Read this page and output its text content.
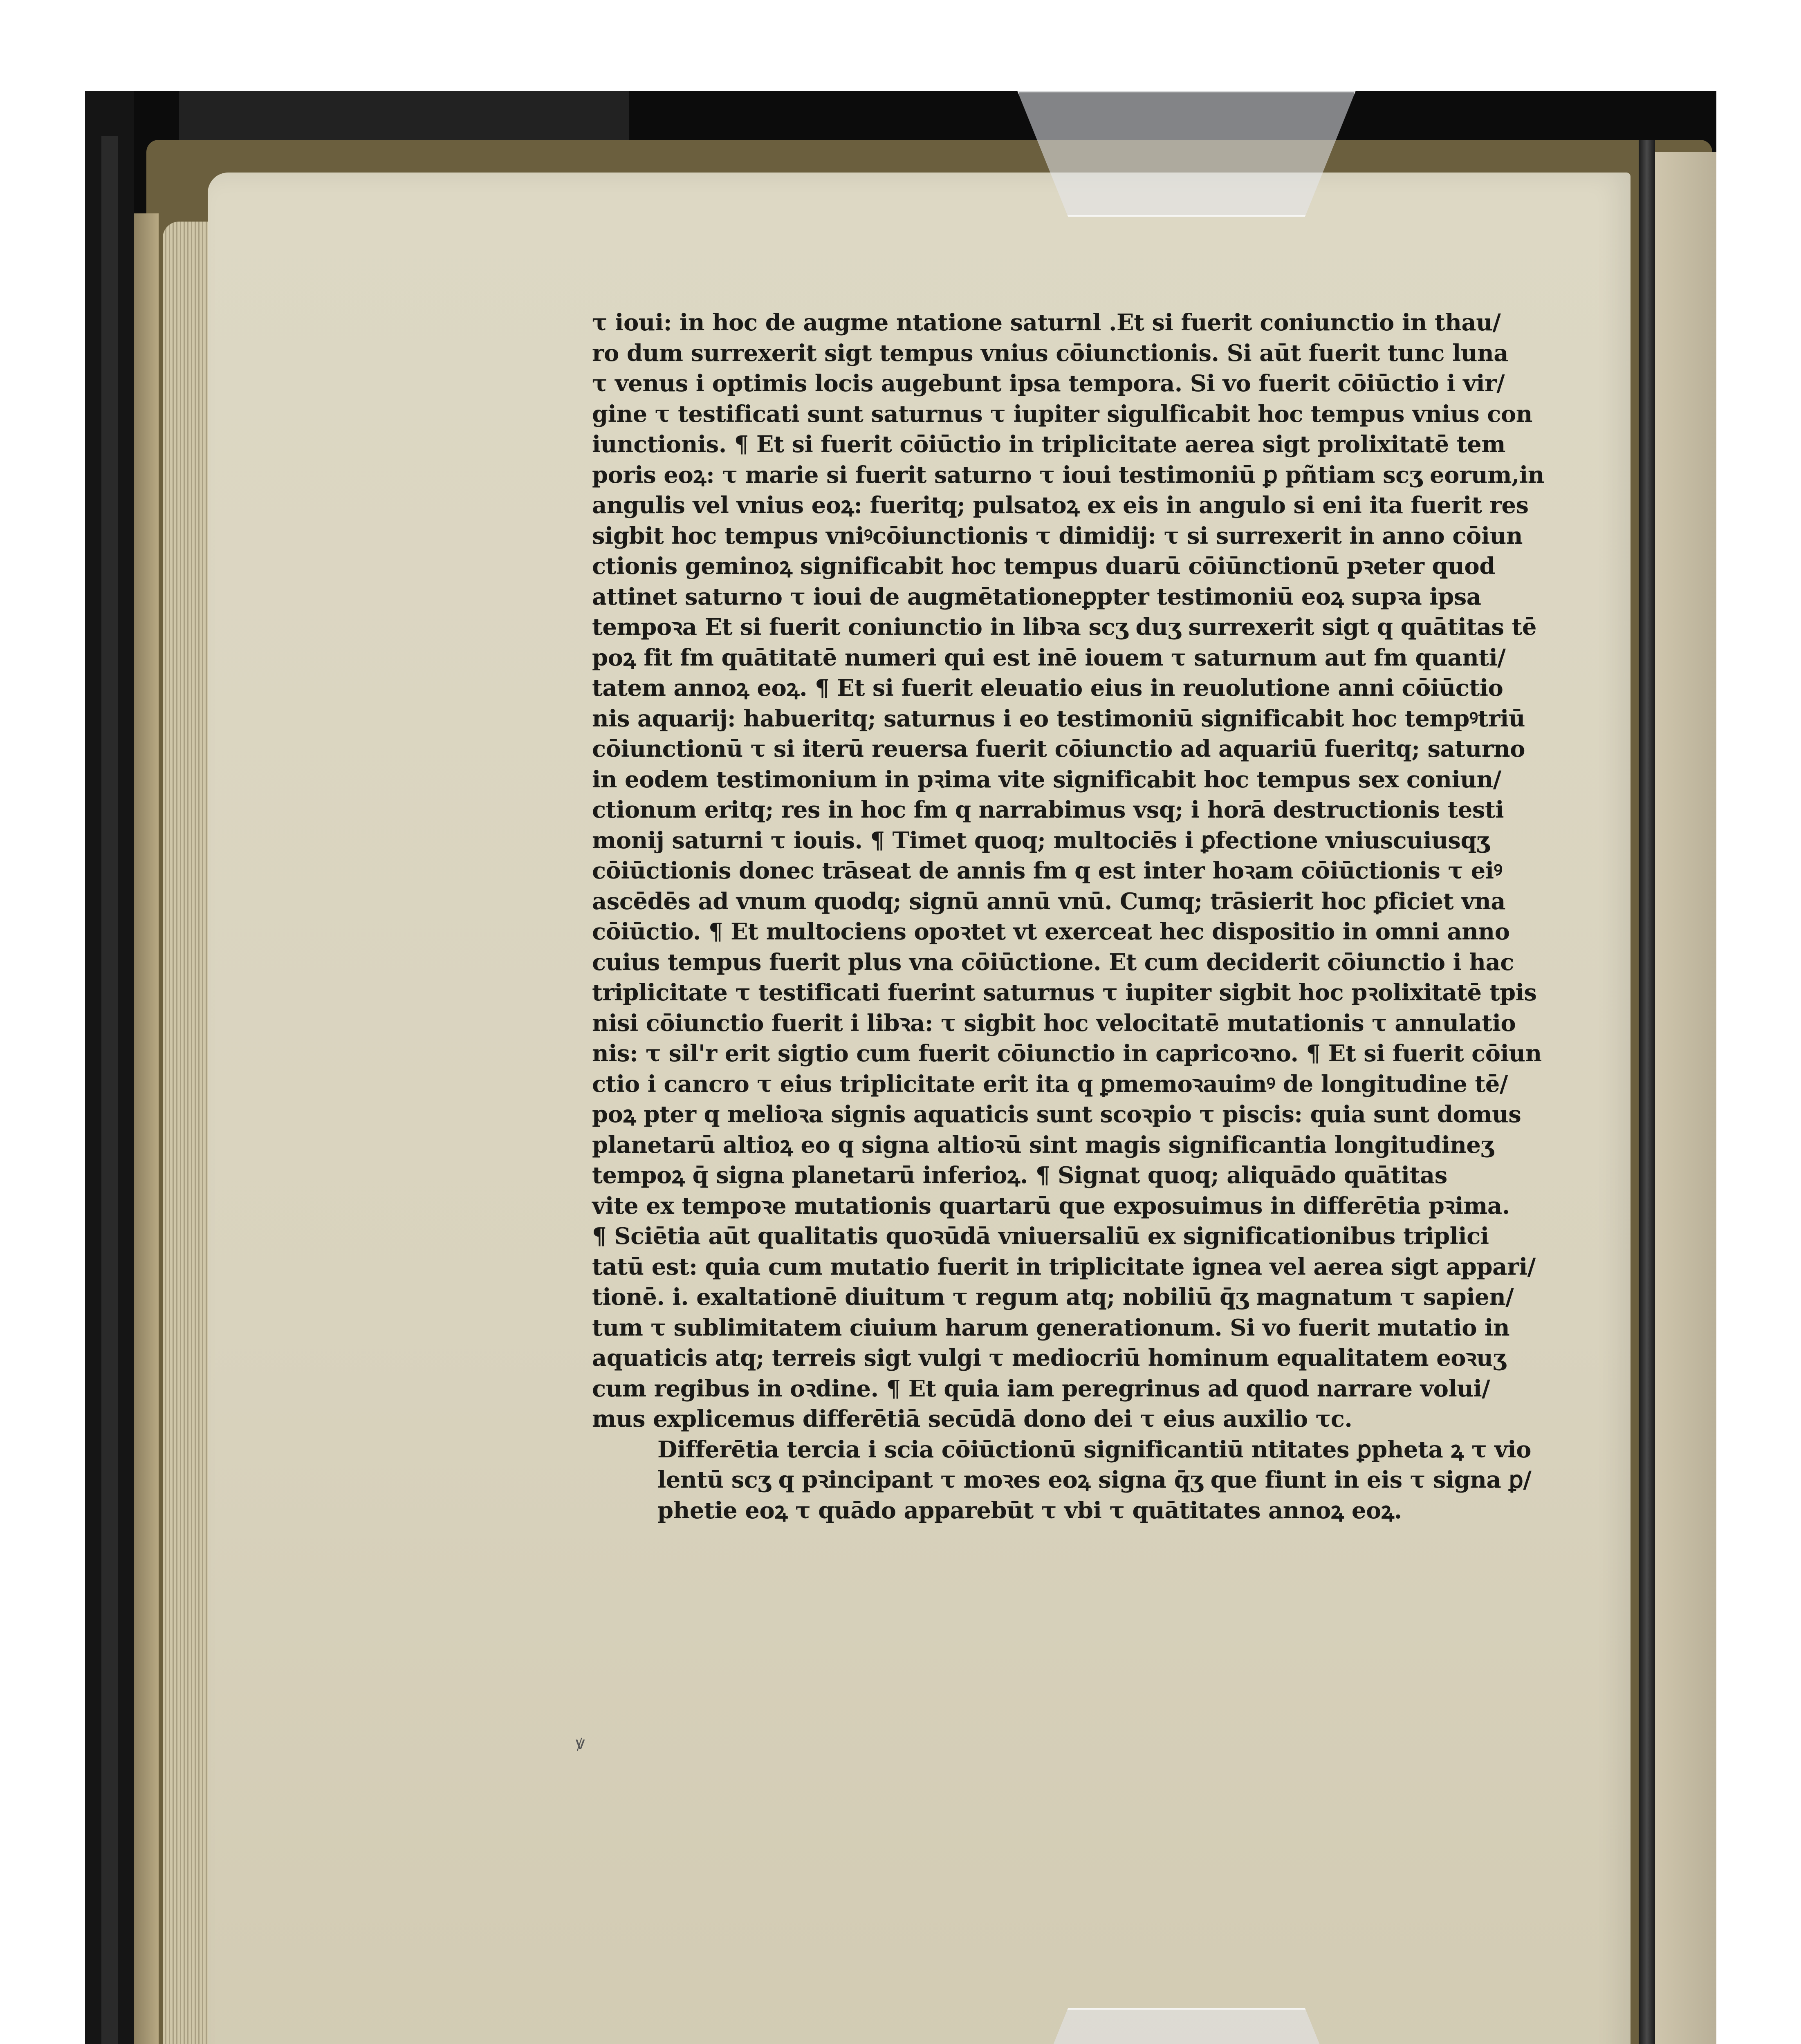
τ ioui: in hoc de augme ntatione saturnl .Et si fuerit coniunctio in thau/
ro dum surrexerit sigt tempus vnius cōiunctionis. Si aūt fuerit tunc luna
τ venus i optimis locis augebunt ipsa tempora. Si vo fuerit cōiūctio i vir/
gine τ testificati sunt saturnus τ iupiter sigulficabit hoc tempus vnius con
iunctionis. ¶ Et si fuerit cōiūctio in triplicitate aerea sigt prolixitatē tem
poris eoꝝ: τ marie si fuerit saturno τ ioui testimoniū ꝑ pñtiam scʒ eorum,in
angulis vel vnius eoꝝ: fueritq; pulsatoꝝ ex eis in angulo si eni ita fuerit res
sigbit hoc tempus vniꝰcōiunctionis τ dimidij: τ si surrexerit in anno cōiun
ctionis geminoꝝ significabit hoc tempus duarū cōiūnctionū pꝛeter quod
attinet saturno τ ioui de augmētationeꝑpter testimoniū eoꝝ supꝛa ipsa
tempoꝛa Et si fuerit coniunctio in libꝛa scʒ duʒ surrexerit sigt q quātitas tē
poꝝ fit fm quātitatē numeri qui est inē iouem τ saturnum aut fm quanti/
tatem annoꝝ eoꝝ. ¶ Et si fuerit eleuatio eius in reuolutione anni cōiūctio
nis aquarij: habueritq; saturnus i eo testimoniū significabit hoc tempꝰtriū
cōiunctionū τ si iterū reuersa fuerit cōiunctio ad aquariū fueritq; saturno
in eodem testimonium in pꝛima vite significabit hoc tempus sex coniun/
ctionum eritq; res in hoc fm q narrabimus vsq; i horā destructionis testi
monij saturni τ iouis. ¶ Timet quoq; multociēs i ꝑfectione vniuscuiusqʒ
cōiūctionis donec trāseat de annis fm q est inter hoꝛam cōiūctionis τ eiꝰ
ascēdēs ad vnum quodq; signū annū vnū. Cumq; trāsierit hoc ꝑficiet vna
cōiūctio. ¶ Et multociens opoꝛtet vt exerceat hec dispositio in omni anno
cuius tempus fuerit plus vna cōiūctione. Et cum deciderit cōiunctio i hac
triplicitate τ testificati fuerint saturnus τ iupiter sigbit hoc pꝛolixitatē tpis
nisi cōiunctio fuerit i libꝛa: τ sigbit hoc velocitatē mutationis τ annulatio
nis: τ sil'r erit sigtio cum fuerit cōiunctio in capricoꝛno. ¶ Et si fuerit cōiun
ctio i cancro τ eius triplicitate erit ita q ꝑmemoꝛauimꝰ de longitudine tē/
poꝝ pter q melioꝛa signis aquaticis sunt scoꝛpio τ piscis: quia sunt domus
planetarū altioꝝ eo q signa altioꝛū sint magis significantia longitudineʒ
tempoꝝ q̄ signa planetarū inferioꝝ. ¶ Signat quoq; aliquādo quātitas
vite ex tempoꝛe mutationis quartarū que exposuimus in differētia pꝛima.
¶ Sciētia aūt qualitatis quoꝛūdā vniuersaliū ex significationibus triplici
tatū est: quia cum mutatio fuerit in triplicitate ignea vel aerea sigt appari/
tionē. i. exaltationē diuitum τ regum atq; nobiliū q̄ʒ magnatum τ sapien/
tum τ sublimitatem ciuium harum generationum. Si vo fuerit mutatio in
aquaticis atq; terreis sigt vulgi τ mediocriū hominum equalitatem eoꝛuʒ
cum regibus in oꝛdine. ¶ Et quia iam peregrinus ad quod narrare volui/
mus explicemus differētiā secūdā dono dei τ eius auxilio τc.
Differētia tercia i scia cōiūctionū significantiū ntitates ꝑpheta ꝝ τ vio
lentū scʒ q pꝛincipant τ moꝛes eoꝝ signa q̄ʒ que fiunt in eis τ signa ꝑ/
phetie eoꝝ τ quādo apparebūt τ vbi τ quātitates annoꝝ eoꝝ.
ꝟ
